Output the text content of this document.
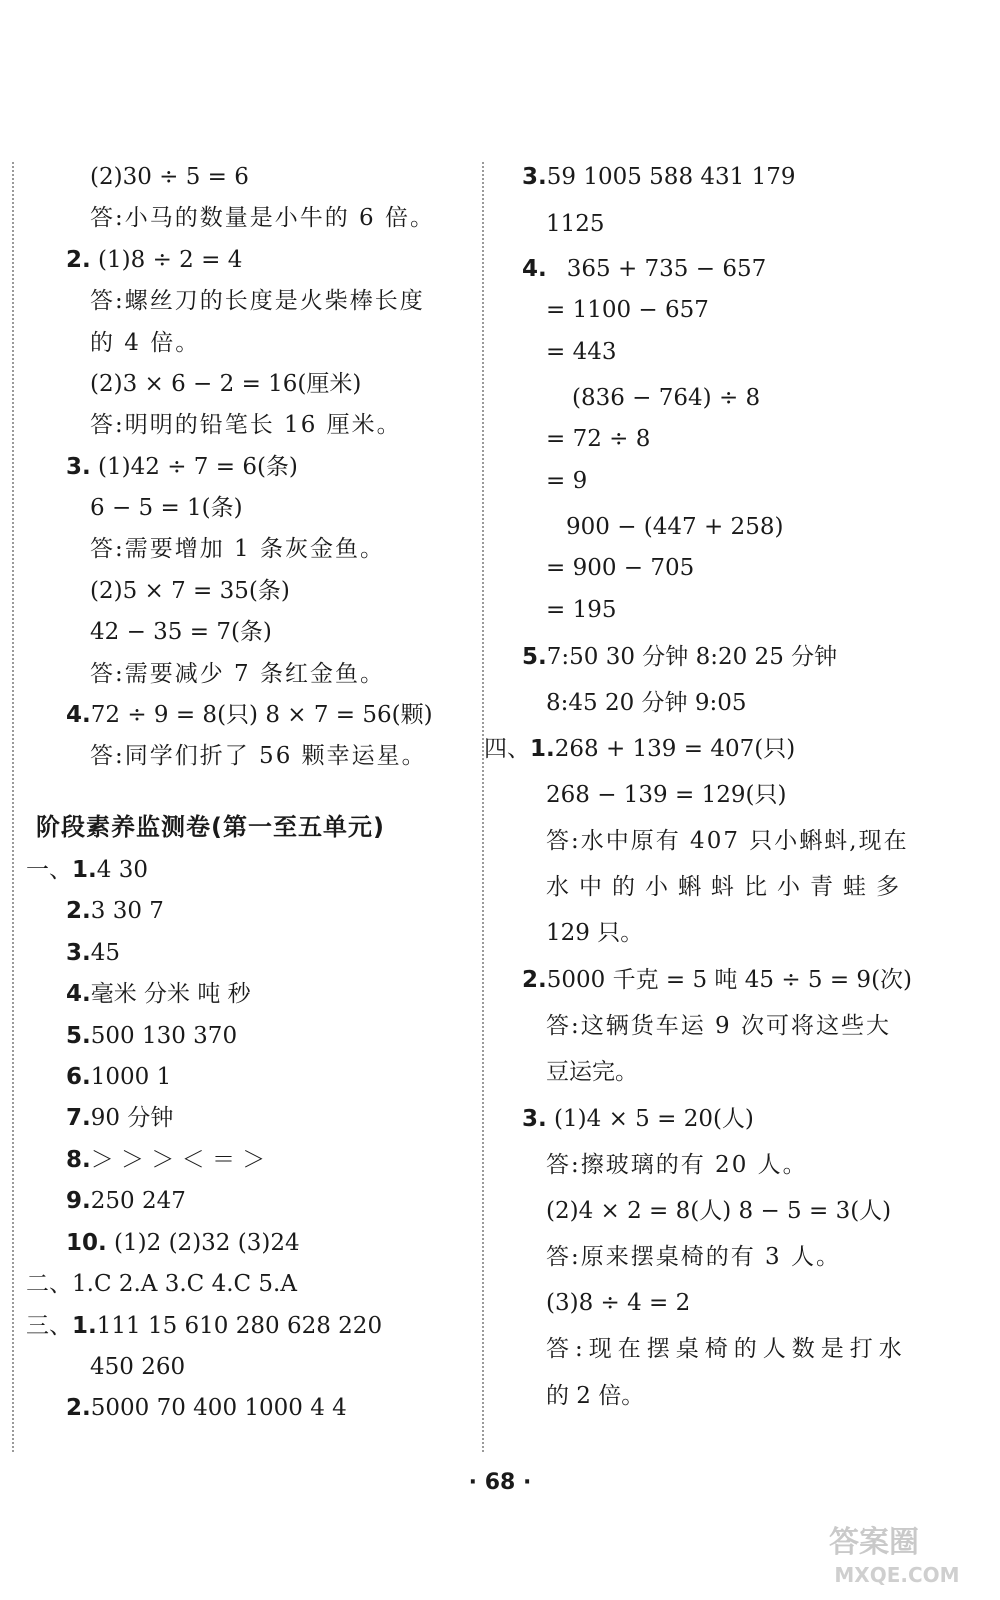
(2)30 ÷ 5 = 6
答:小马的数量是小牛的 6 倍。
2. (1)8 ÷ 2 = 4
答:螺丝刀的长度是火柴棒长度
的 4 倍。
(2)3 × 6 − 2 = 16(厘米)
答:明明的铅笔长 16 厘米。
3. (1)42 ÷ 7 = 6(条)
6 − 5 = 1(条)
答:需要增加 1 条灰金鱼。
(2)5 × 7 = 35(条)
42 − 35 = 7(条)
答:需要减少 7 条红金鱼。
4.72 ÷ 9 = 8(只) 8 × 7 = 56(颗)
答:同学们折了 56 颗幸运星。
阶段素养监测卷(第一至五单元)
一、1.4 30
2.3 30 7
3.45
4.毫米 分米 吨 秒
5.500 130 370
6.1000 1
7.90 分钟
8.＞ ＞ ＞ ＜ ＝ ＞
9.250 247
10. (1)2 (2)32 (3)24
二、1.C 2.A 3.C 4.C 5.A
三、1.111 15 610 280 628 220
450 260
2.5000 70 400 1000 4 4
3.59 1005 588 431 179
1125
4. 365 + 735 − 657
= 1100 − 657
= 443
(836 − 764) ÷ 8
= 72 ÷ 8
= 9
900 − (447 + 258)
= 900 − 705
= 195
5.7:50 30 分钟 8:20 25 分钟
8:45 20 分钟 9:05
四、1.268 + 139 = 407(只)
268 − 139 = 129(只)
答:水中原有 407 只小蝌蚪,现在
水中的小蝌蚪比小青蛙多
129 只。
2.5000 千克 = 5 吨 45 ÷ 5 = 9(次)
答:这辆货车运 9 次可将这些大
豆运完。
3. (1)4 × 5 = 20(人)
答:擦玻璃的有 20 人。
(2)4 × 2 = 8(人) 8 − 5 = 3(人)
答:原来摆桌椅的有 3 人。
(3)8 ÷ 4 = 2
答:现在摆桌椅的人数是打水
的 2 倍。
· 68 ·
答案圈
MXQE.COM
